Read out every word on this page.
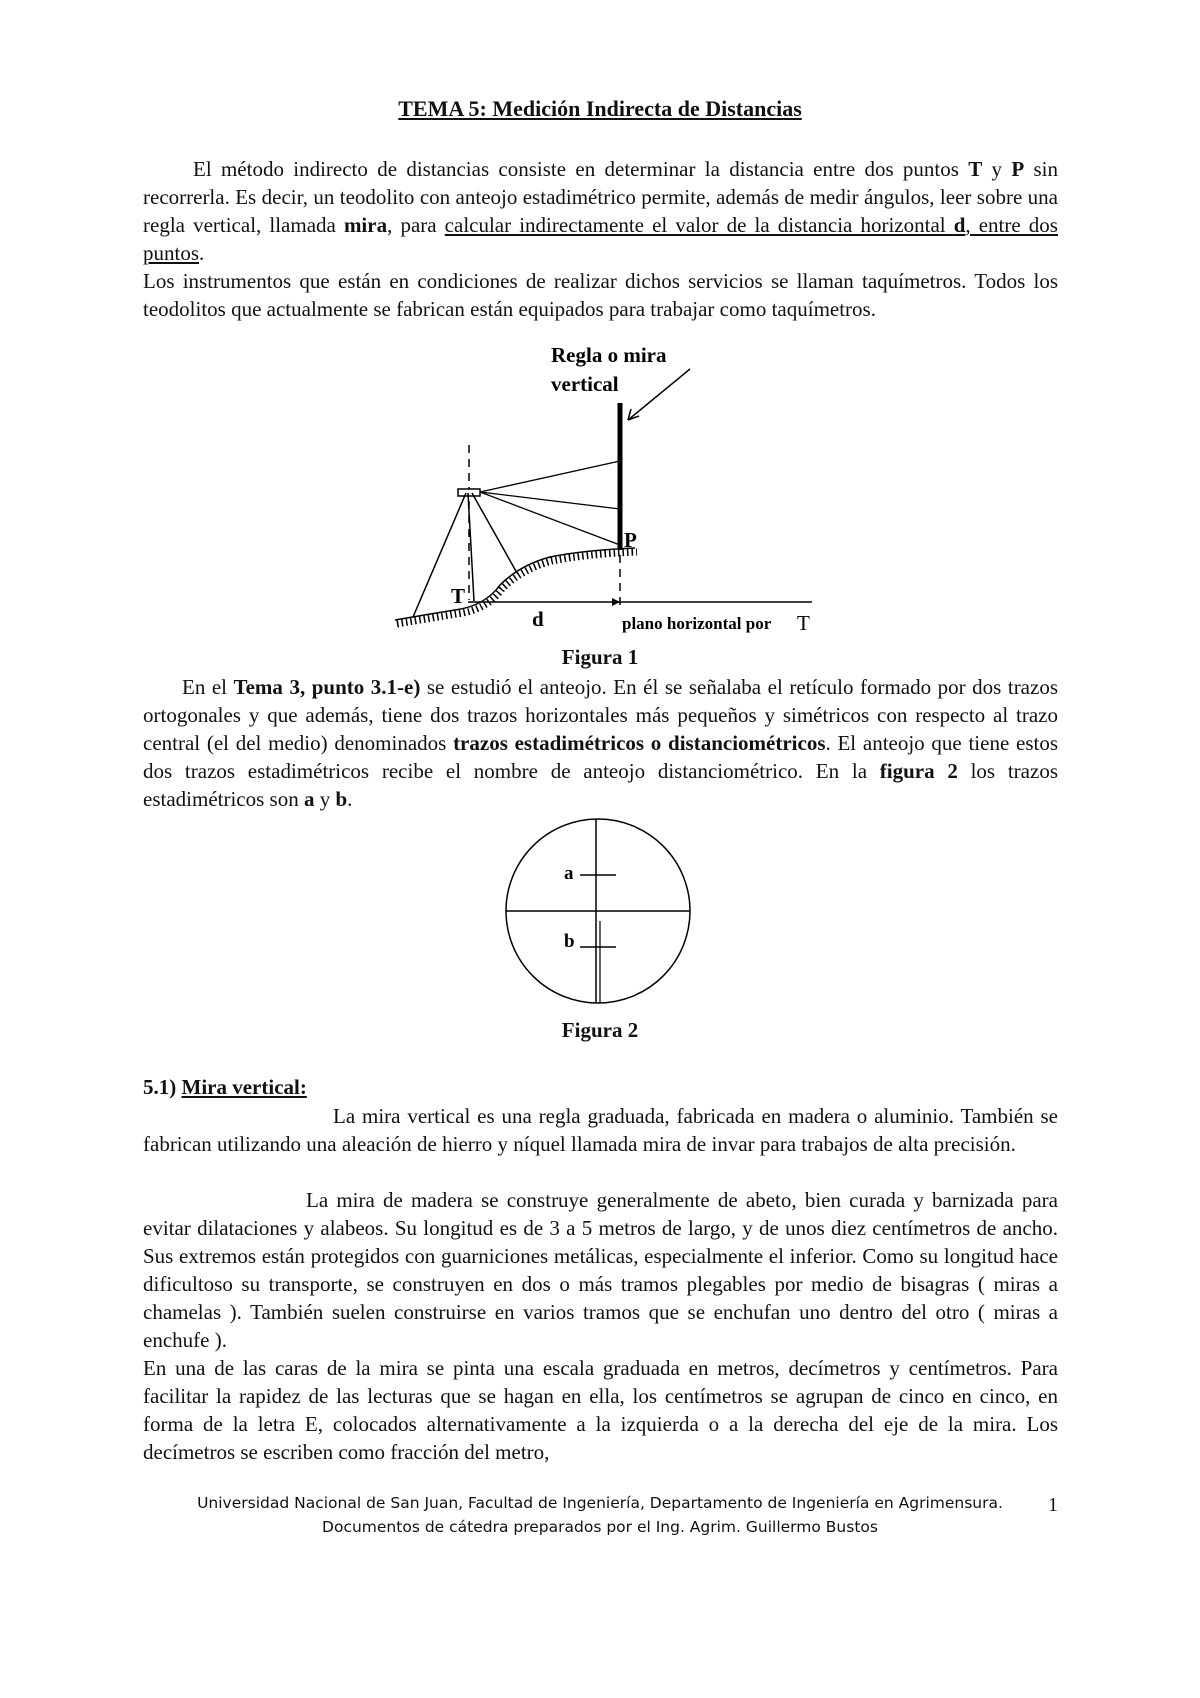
TEMA 5: Medición Indirecta de Distancias
El método indirecto de distancias consiste en determinar la distancia entre dos puntos T y P sin recorrerla. Es decir, un teodolito con anteojo estadimétrico permite, además de medir ángulos, leer sobre una regla vertical, llamada mira, para calcular indirectamente el valor de la distancia horizontal d, entre dos puntos.
Los instrumentos que están en condiciones de realizar dichos servicios se llaman taquímetros. Todos los teodolitos que actualmente se fabrican están equipados para trabajar como taquímetros.
Regla o mira
vertical
P
T
d	plano horizontal por T
Figura 1
En el Tema 3, punto 3.1-e) se estudió el anteojo. En él se señalaba el retículo formado por dos trazos ortogonales y que además, tiene dos trazos horizontales más pequeños y simétricos con respecto al trazo central (el del medio) denominados trazos estadimétricos o distanciométricos. El anteojo que tiene estos dos trazos estadimétricos recibe el nombre de anteojo distanciométrico. En la figura 2 los trazos estadimétricos son a y b.
a
b
Figura 2
5.1) Mira vertical:
La mira vertical es una regla graduada, fabricada en madera o aluminio. También se fabrican utilizando una aleación de hierro y níquel llamada mira de invar para trabajos de alta precisión.
La mira de madera se construye generalmente de abeto, bien curada y barnizada para evitar dilataciones y alabeos. Su longitud es de 3 a 5 metros de largo, y de unos diez centímetros de ancho. Sus extremos están protegidos con guarniciones metálicas, especialmente el inferior. Como su longitud hace dificultoso su transporte, se construyen en dos o más tramos plegables por medio de bisagras ( miras a chamelas ). También suelen construirse en varios tramos que se enchufan uno dentro del otro ( miras a enchufe ).
En una de las caras de la mira se pinta una escala graduada en metros, decímetros y centímetros. Para facilitar la rapidez de las lecturas que se hagan en ella, los centímetros se agrupan de cinco en cinco, en forma de la letra E, colocados alternativamente a la izquierda o a la derecha del eje de la mira. Los decímetros se escriben como fracción del metro,
Universidad Nacional de San Juan, Facultad de Ingeniería, Departamento de Ingeniería en Agrimensura.	1
Documentos de cátedra preparados por el Ing. Agrim. Guillermo Bustos
